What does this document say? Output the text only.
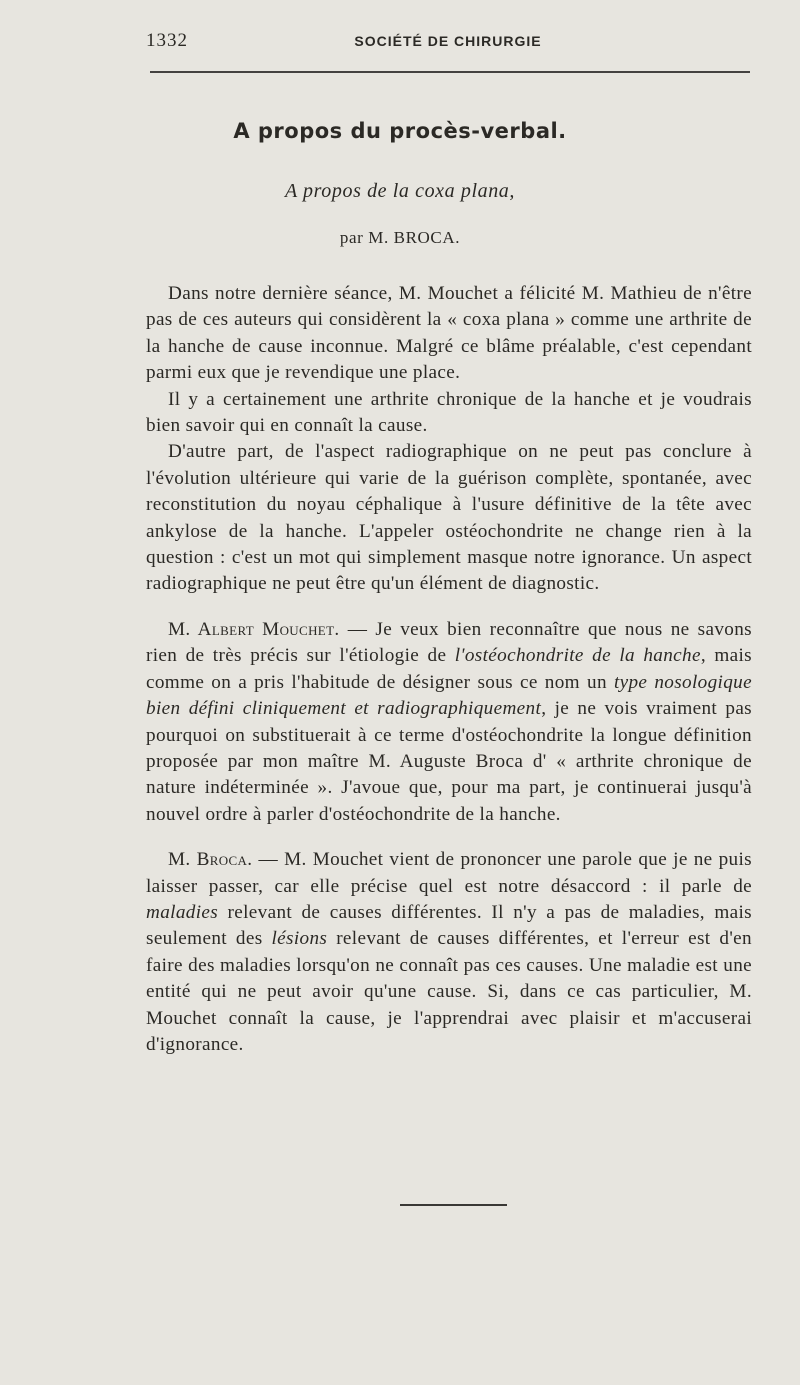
1332	SOCIÉTÉ DE CHIRURGIE
A propos du procès-verbal.
A propos de la coxa plana,
par M. BROCA.

Dans notre dernière séance, M. Mouchet a félicité M. Mathieu de n'être pas de ces auteurs qui considèrent la « coxa plana » comme une arthrite de la hanche de cause inconnue. Malgré ce blâme préalable, c'est cependant parmi eux que je revendique une place.

Il y a certainement une arthrite chronique de la hanche et je voudrais bien savoir qui en connaît la cause.

D'autre part, de l'aspect radiographique on ne peut pas conclure à l'évolution ultérieure qui varie de la guérison complète, spontanée, avec reconstitution du noyau céphalique à l'usure définitive de la tête avec ankylose de la hanche. L'appeler ostéochondrite ne change rien à la question : c'est un mot qui simplement masque notre ignorance. Un aspect radiographique ne peut être qu'un élément de diagnostic.

M. Albert Mouchet. — Je veux bien reconnaître que nous ne savons rien de très précis sur l'étiologie de l'ostéochondrite de la hanche, mais comme on a pris l'habitude de désigner sous ce nom un type nosologique bien défini cliniquement et radiographiquement, je ne vois vraiment pas pourquoi on substituerait à ce terme d'ostéochondrite la longue définition proposée par mon maître M. Auguste Broca d' « arthrite chronique de nature indéterminée ». J'avoue que, pour ma part, je continuerai jusqu'à nouvel ordre à parler d'ostéochondrite de la hanche.

M. Broca. — M. Mouchet vient de prononcer une parole que je ne puis laisser passer, car elle précise quel est notre désaccord : il parle de maladies relevant de causes différentes. Il n'y a pas de maladies, mais seulement des lésions relevant de causes différentes, et l'erreur est d'en faire des maladies lorsqu'on ne connaît pas ces causes. Une maladie est une entité qui ne peut avoir qu'une cause. Si, dans ce cas particulier, M. Mouchet connaît la cause, je l'apprendrai avec plaisir et m'accuserai d'ignorance.
